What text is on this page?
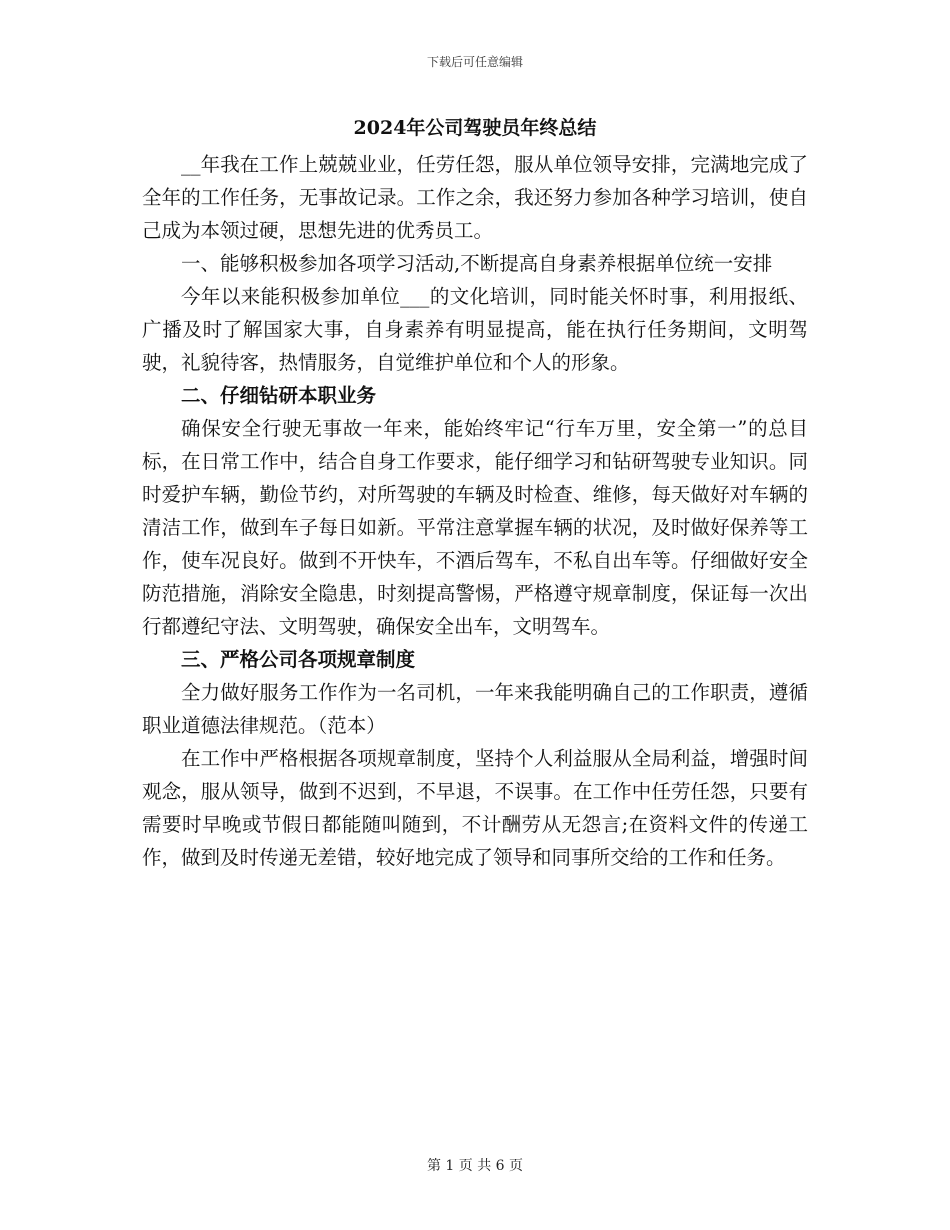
下载后可任意编辑
2024年公司驾驶员年终总结

__年我在工作上兢兢业业，任劳任怨，服从单位领导安排，完满地完成了全年的工作任务，无事故记录。工作之余，我还努力参加各种学习培训，使自己成为本领过硬，思想先进的优秀员工。

一、能够积极参加各项学习活动,不断提高自身素养根据单位统一安排

今年以来能积极参加单位___的文化培训，同时能关怀时事，利用报纸、广播及时了解国家大事，自身素养有明显提高，能在执行任务期间，文明驾驶，礼貌待客，热情服务，自觉维护单位和个人的形象。

二、仔细钻研本职业务

确保安全行驶无事故一年来，能始终牢记“行车万里，安全第一”的总目标，在日常工作中，结合自身工作要求，能仔细学习和钻研驾驶专业知识。同时爱护车辆，勤俭节约，对所驾驶的车辆及时检查、维修，每天做好对车辆的清洁工作，做到车子每日如新。平常注意掌握车辆的状况，及时做好保养等工作，使车况良好。做到不开快车，不酒后驾车，不私自出车等。仔细做好安全防范措施，消除安全隐患，时刻提高警惕，严格遵守规章制度，保证每一次出行都遵纪守法、文明驾驶，确保安全出车，文明驾车。

三、严格公司各项规章制度

全力做好服务工作作为一名司机，一年来我能明确自己的工作职责，遵循职业道德法律规范。（范本）

在工作中严格根据各项规章制度，坚持个人利益服从全局利益，增强时间观念，服从领导，做到不迟到，不早退，不误事。在工作中任劳任怨，只要有需要时早晚或节假日都能随叫随到，不计酬劳从无怨言;在资料文件的传递工作，做到及时传递无差错，较好地完成了领导和同事所交给的工作和任务。

第 1 页 共 6 页
